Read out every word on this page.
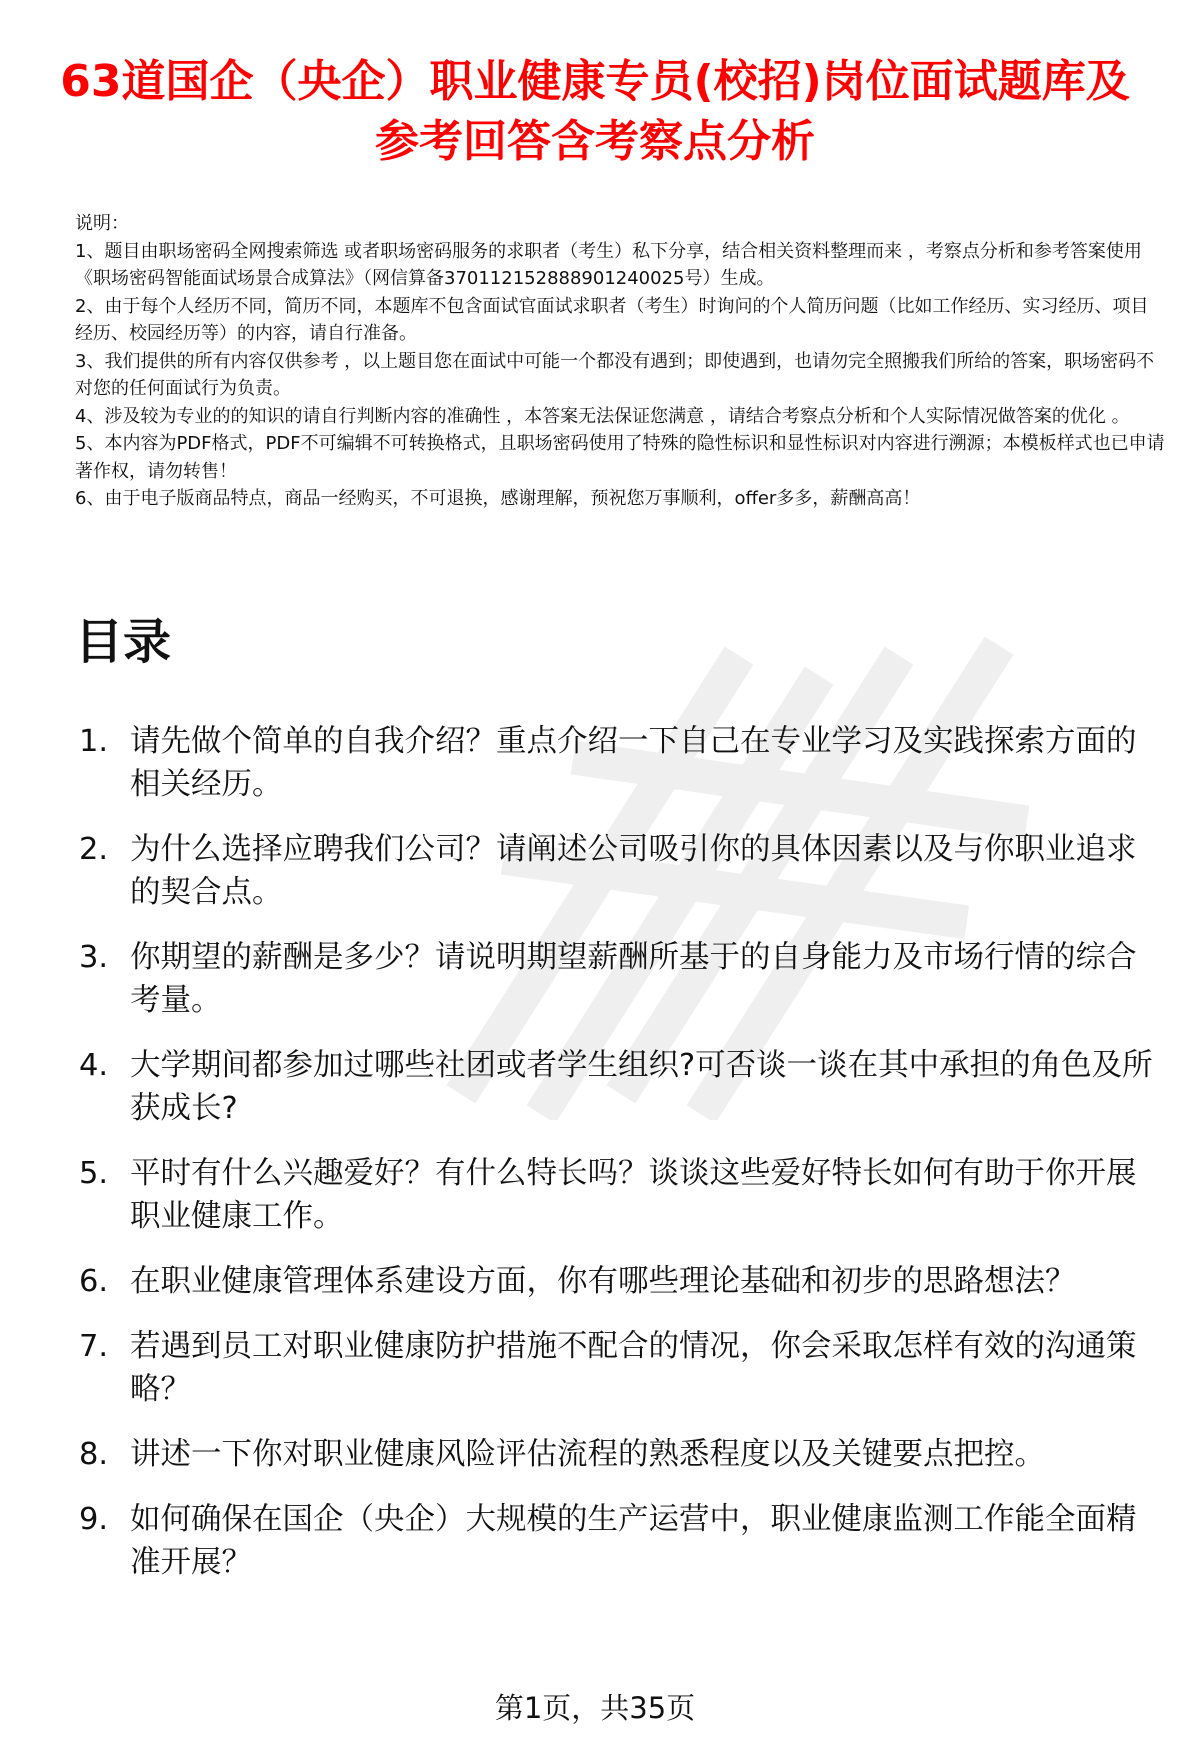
63道国企（央企）职业健康专员(校招)岗位面试题库及参考回答含考察点分析
说明：
1、题目由职场密码全网搜索筛选 或者职场密码服务的求职者（考生）私下分享，结合相关资料整理而来 ，考察点分析和参考答案使用《职场密码智能面试场景合成算法》（网信算备370112152888901240025号）生成。
2、由于每个人经历不同，简历不同，本题库不包含面试官面试求职者（考生）时询问的个人简历问题（比如工作经历、实习经历、项目经历、校园经历等）的内容，请自行准备。
3、我们提供的所有内容仅供参考 ，以上题目您在面试中可能一个都没有遇到；即使遇到，也请勿完全照搬我们所给的答案，职场密码不对您的任何面试行为负责。
4、涉及较为专业的的知识的请自行判断内容的准确性 ，本答案无法保证您满意 ，请结合考察点分析和个人实际情况做答案的优化 。
5、本内容为PDF格式，PDF不可编辑不可转换格式，且职场密码使用了特殊的隐性标识和显性标识对内容进行溯源；本模板样式也已申请著作权，请勿转售！
6、由于电子版商品特点，商品一经购买，不可退换，感谢理解，预祝您万事顺利，offer多多，薪酬高高！
目录
1. 请先做个简单的自我介绍？重点介绍一下自己在专业学习及实践探索方面的相关经历。
2. 为什么选择应聘我们公司？请阐述公司吸引你的具体因素以及与你职业追求的契合点。
3. 你期望的薪酬是多少？请说明期望薪酬所基于的自身能力及市场行情的综合考量。
4. 大学期间都参加过哪些社团或者学生组织?可否谈一谈在其中承担的角色及所获成长?
5. 平时有什么兴趣爱好？有什么特长吗？谈谈这些爱好特长如何有助于你开展职业健康工作。
6. 在职业健康管理体系建设方面，你有哪些理论基础和初步的思路想法？
7. 若遇到员工对职业健康防护措施不配合的情况，你会采取怎样有效的沟通策略？
8. 讲述一下你对职业健康风险评估流程的熟悉程度以及关键要点把控。
9. 如何确保在国企（央企）大规模的生产运营中，职业健康监测工作能全面精准开展？
第1页，共35页
